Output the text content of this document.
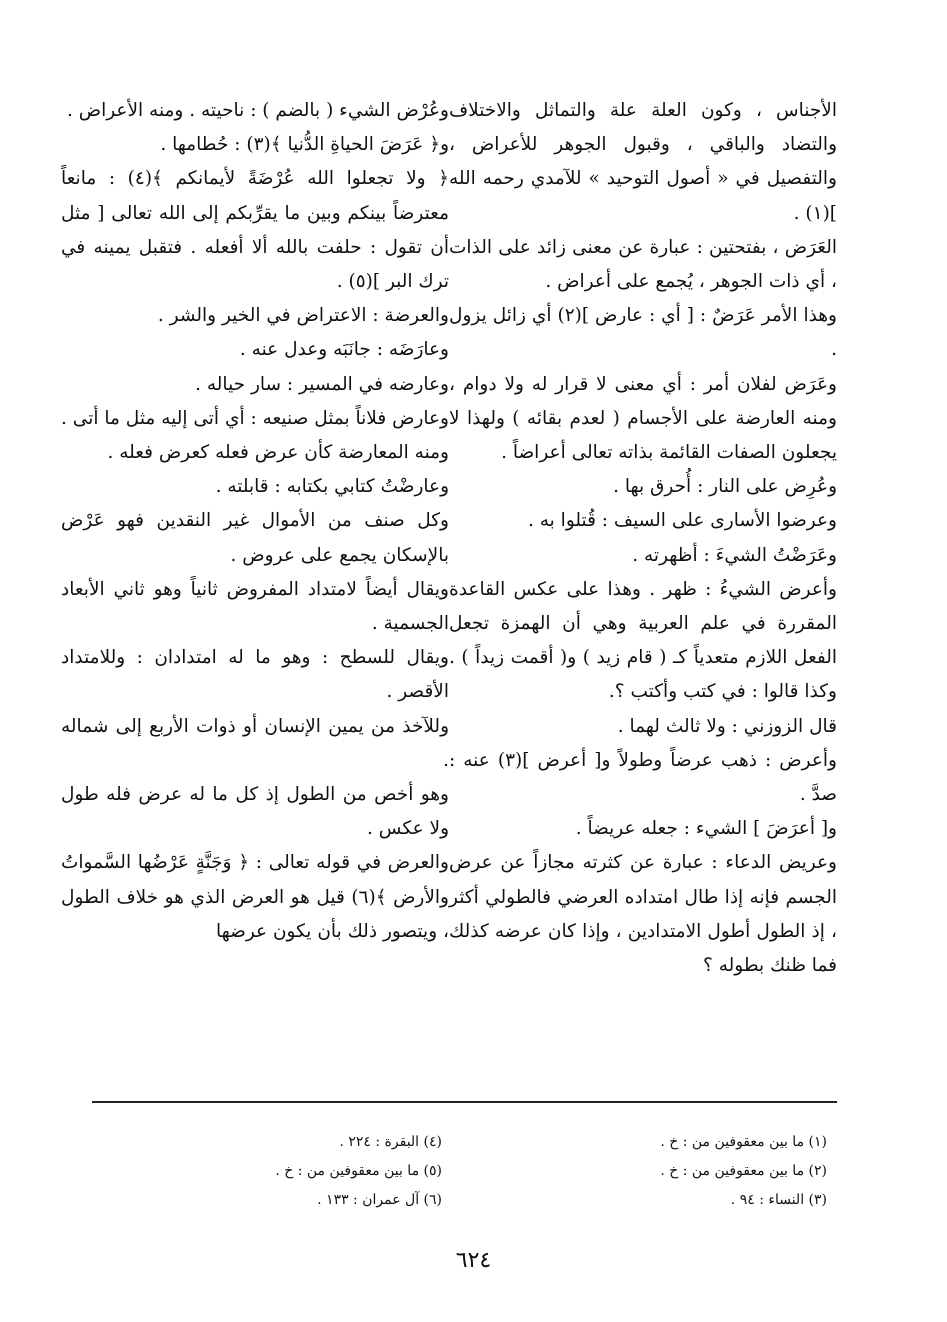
الأجناس ، وكون العلة علة والتماثل والاختلاف والتضاد والباقي ، وقبول الجوهر للأعراض ، والتفصيل في « أصول التوحيد » للآمدي رحمه الله ](١) .

العَرَض ، بفتحتين : عبارة عن معنى زائد على الذات ، أي ذات الجوهر ، يُجمع على أعراض .

وهذا الأمر عَرَضٌ : [ أي : عارض ](٢) أي زائل يزول .

وعَرَض لفلان أمر : أي معنى لا قرار له ولا دوام ، ومنه العارضة على الأجسام ( لعدم بقائه ) ولهذا لا يجعلون الصفات القائمة بذاته تعالى أعراضاً .

وعُرِض على النار : أُحرق بها .

وعرضوا الأسارى على السيف : قُتلوا به .

وعَرَضْتُ الشيءَ : أظهرته .

وأعرض الشيءُ : ظهر . وهذا على عكس القاعدة المقررة في علم العربية وهي أن الهمزة تجعل الفعل اللازم متعدياً كـ ( قام زيد ) و( أقمت زيداً ) . وكذا قالوا : في كتب وأكتب ؟.

قال الزوزني : ولا ثالث لهما .

وأعرض : ذهب عرضاً وطولاً و[ أعرض ](٣) عنه : صدَّ .

و[ أعرَضَ ] الشيء : جعله عريضاً .

وعريض الدعاء : عبارة عن كثرته مجازاً عن عرض الجسم فإنه إذا طال امتداده العرضي فالطولي أكثر ، إذ الطول أطول الامتدادين ، وإذا كان عرضه كذلك فما ظنك بطوله ؟

وعُرْض الشيء ( بالضم ) : ناحيته . ومنه الأعراض .

و﴿ عَرَضَ الحياةِ الدُّنيا ﴾(٣) : حُطامها .

﴿ ولا تجعلوا الله عُرْضَةً لأيمانكم ﴾(٤) : مانعاً معترضاً بينكم وبين ما يقرِّبكم إلى الله تعالى [ مثل أن تقول : حلفت بالله ألا أفعله . فتقبل يمينه في ترك البر ](٥) .

والعرضة : الاعتراض في الخير والشر .

وعارَضَه : جانَبَه وعدل عنه .

وعارضه في المسير : سار حياله .

وعارض فلاناً بمثل صنيعه : أي أتى إليه مثل ما أتى . ومنه المعارضة كأن عرض فعله كعرض فعله .

وعارضْتُ كتابي بكتابه : قابلته .

وكل صنف من الأموال غير النقدين فهو عَرْض بالإسكان يجمع على عروض .

ويقال أيضاً لامتداد المفروض ثانياً وهو ثاني الأبعاد الجسمية .

ويقال للسطح : وهو ما له امتدادان : وللامتداد الأقصر .

وللآخذ من يمين الإنسان أو ذوات الأربع إلى شماله .

وهو أخص من الطول إذ كل ما له عرض فله طول ولا عكس .

والعرض في قوله تعالى : ﴿ وَجَنَّةٍ عَرْضُها السَّمواتُ والأرض ﴾(٦) قيل هو العرض الذي هو خلاف الطول ، ويتصور ذلك بأن يكون عرضها

(١) ما بين معقوفين من : خ .

(٢) ما بين معقوفين من : خ .

(٣) النساء : ٩٤ .

(٤) البقرة : ٢٢٤ .

(٥) ما بين معقوفين من : خ .

(٦) آل عمران : ١٣٣ .

٦٢٤
